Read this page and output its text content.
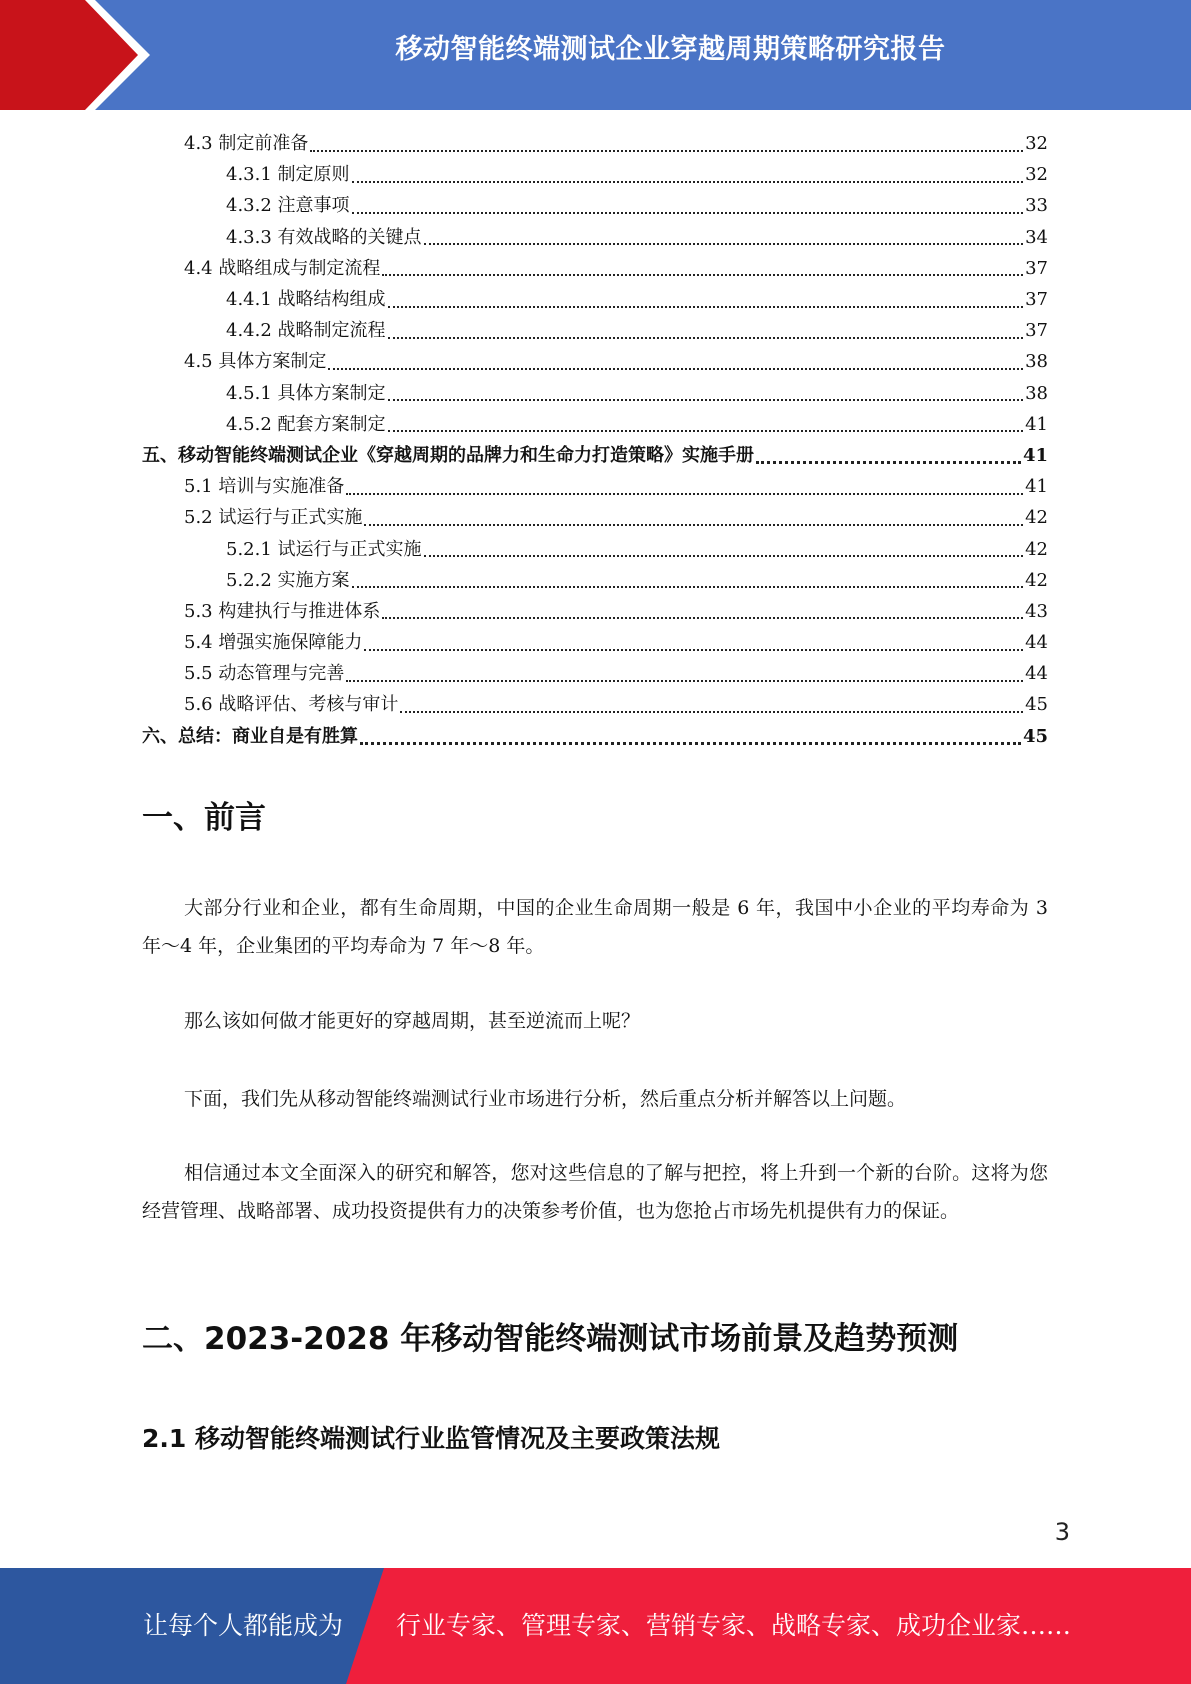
移动智能终端测试企业穿越周期策略研究报告
4.3 制定前准备	32
4.3.1 制定原则	32
4.3.2 注意事项	33
4.3.3 有效战略的关键点	34
4.4 战略组成与制定流程	37
4.4.1 战略结构组成	37
4.4.2 战略制定流程	37
4.5 具体方案制定	38
4.5.1 具体方案制定	38
4.5.2 配套方案制定	41
五、移动智能终端测试企业《穿越周期的品牌力和生命力打造策略》实施手册	41
5.1 培训与实施准备	41
5.2 试运行与正式实施	42
5.2.1 试运行与正式实施	42
5.2.2 实施方案	42
5.3 构建执行与推进体系	43
5.4 增强实施保障能力	44
5.5 动态管理与完善	44
5.6 战略评估、考核与审计	45
六、总结：商业自是有胜算	45
一、前言
大部分行业和企业，都有生命周期，中国的企业生命周期一般是 6 年，我国中小企业的平均寿命为 3 年～4 年，企业集团的平均寿命为 7 年～8 年。
那么该如何做才能更好的穿越周期，甚至逆流而上呢？
下面，我们先从移动智能终端测试行业市场进行分析，然后重点分析并解答以上问题。
相信通过本文全面深入的研究和解答，您对这些信息的了解与把控，将上升到一个新的台阶。这将为您经营管理、战略部署、成功投资提供有力的决策参考价值，也为您抢占市场先机提供有力的保证。
二、2023-2028 年移动智能终端测试市场前景及趋势预测
2.1 移动智能终端测试行业监管情况及主要政策法规
3
让每个人都能成为 行业专家、管理专家、营销专家、战略专家、成功企业家……
